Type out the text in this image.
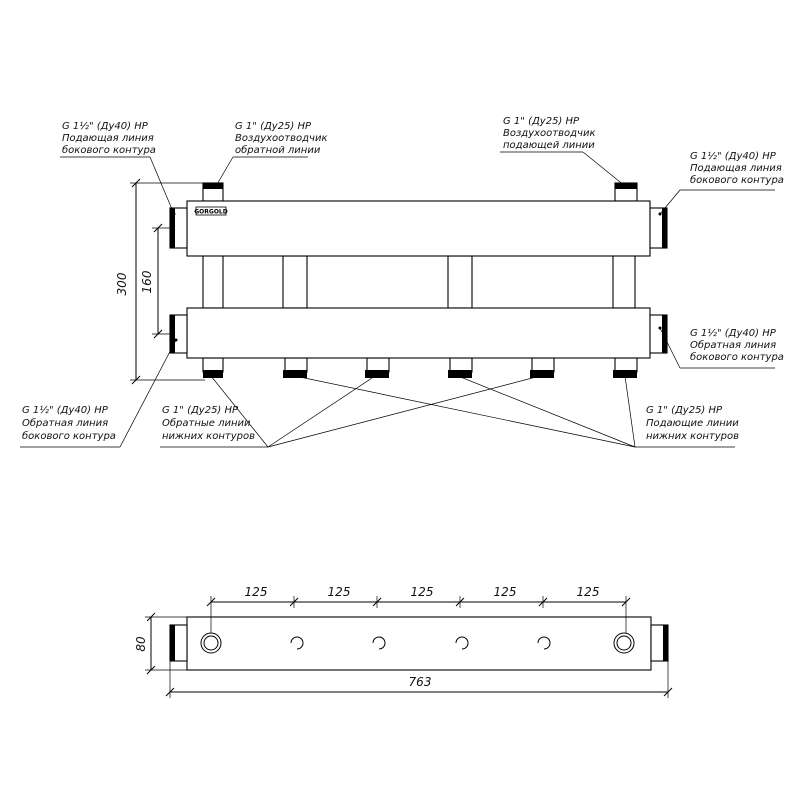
GORGOLD
300 160
G 1½" (Ду40) НР
Подающая линия
бокового контура
G 1" (Ду25) НР
Воздухоотводчик
обратной линии
G 1" (Ду25) НР
Воздухоотводчик
подающей линии
G 1½" (Ду40) НР
Подающая линия
бокового контура
G 1½" (Ду40) НР
Обратная линия
бокового контура
G 1½" (Ду40) НР
Обратная линия
бокового контура
G 1" (Ду25) НР
Обратные линии
нижних контуров
G 1" (Ду25) НР
Подающие линии
нижних контуров
125	125	125	125	125
80
763
